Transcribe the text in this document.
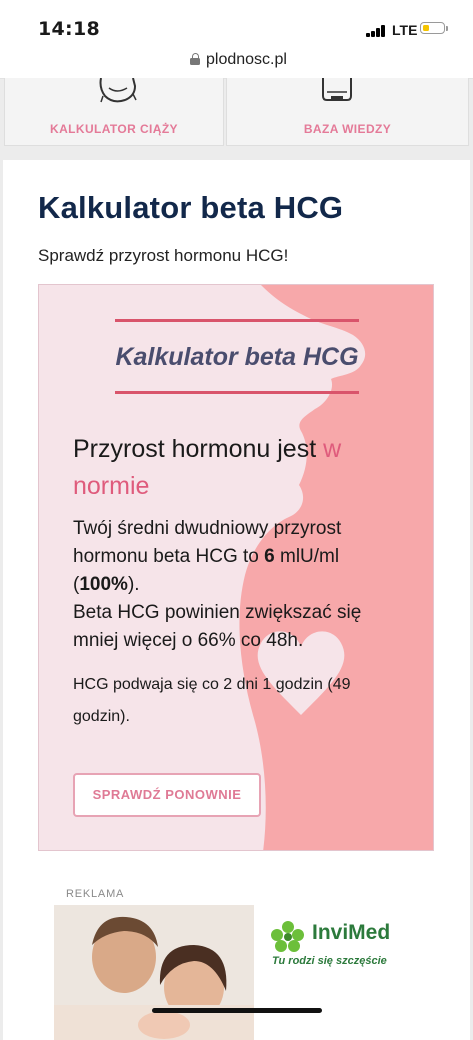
14:18	LTE
plodnosc.pl
KALKULATOR CIĄŻY	BAZA WIEDZY
Kalkulator beta HCG
Sprawdź przyrost hormonu HCG!
Kalkulator beta HCG
Przyrost hormonu jest w normie
Twój średni dwudniowy przyrost hormonu beta HCG to 6 mlU/ml (100%).
Beta HCG powinien zwiększać się mniej więcej o 66% co 48h.
HCG podwaja się co 2 dni 1 godzin (49 godzin).
SPRAWDŹ PONOWNIE
REKLAMA
InviMed
Tu rodzi się szczęście
